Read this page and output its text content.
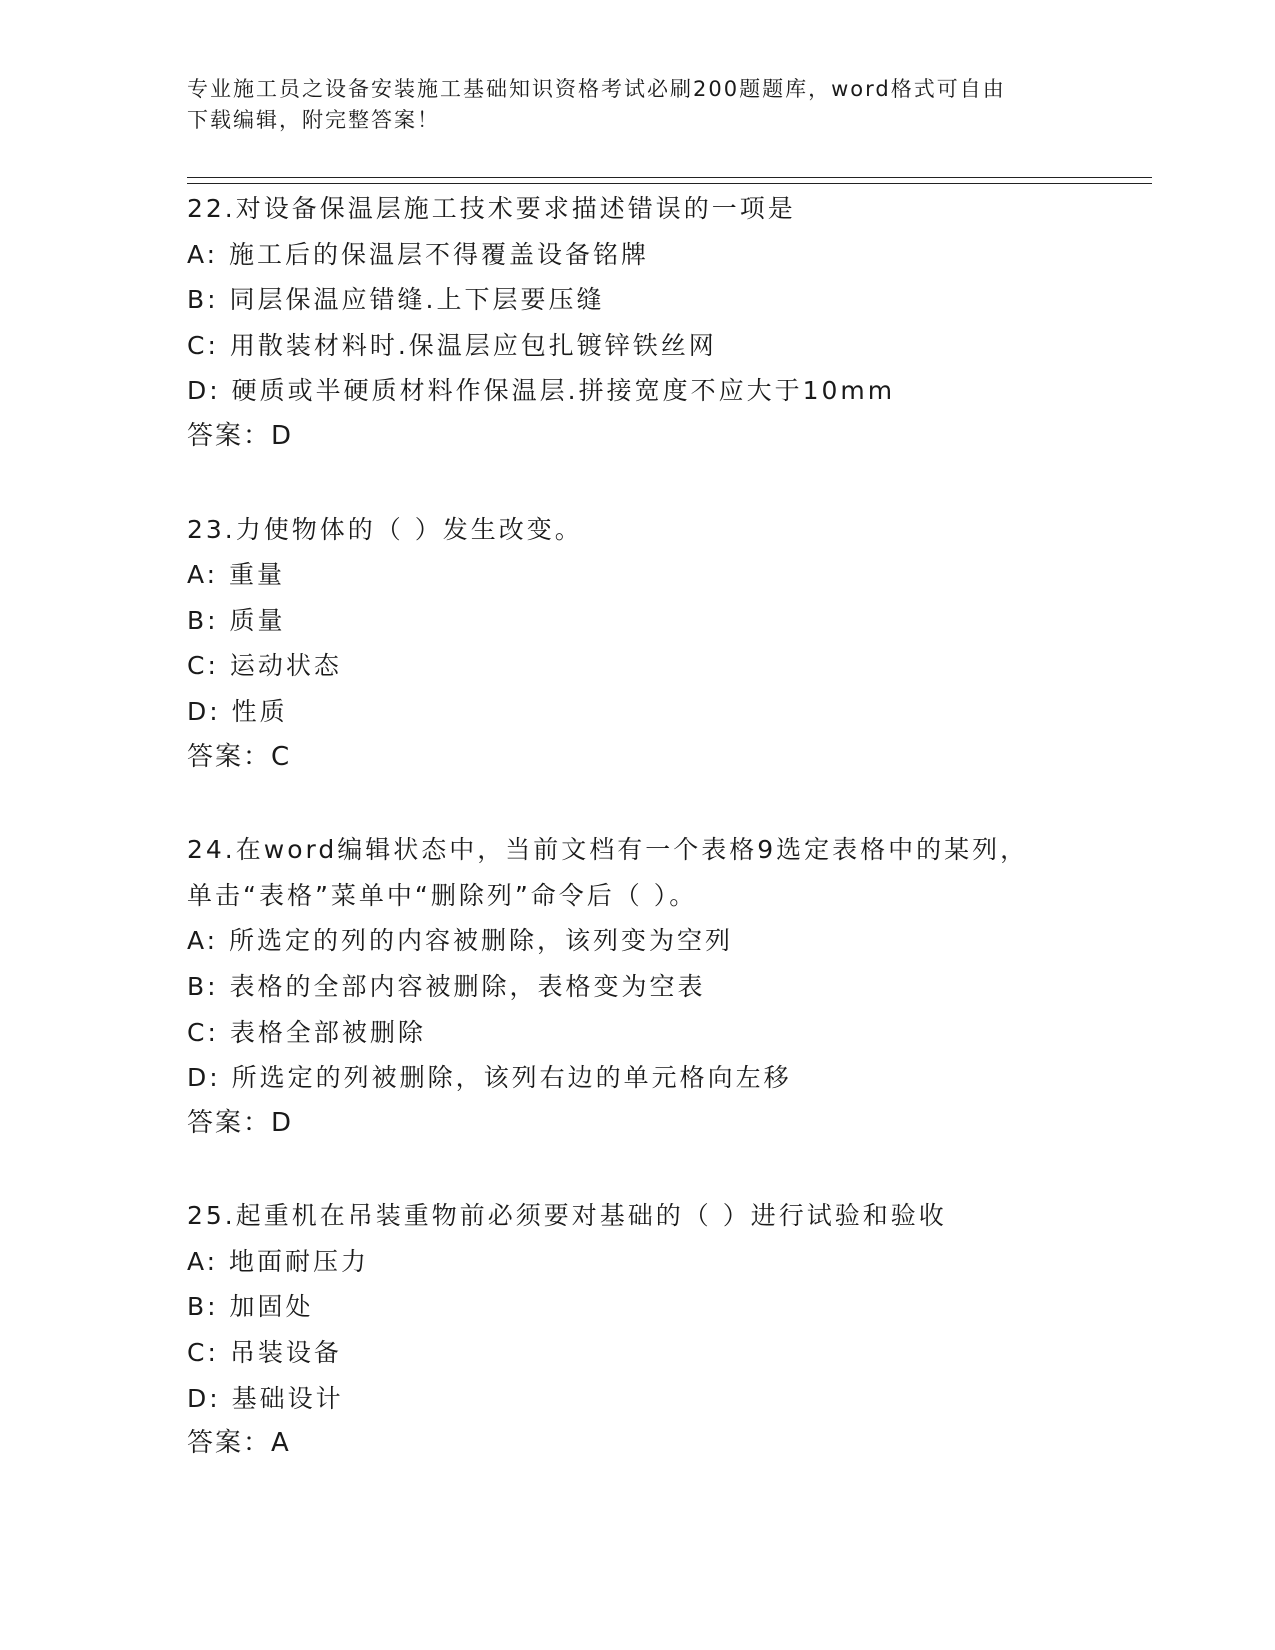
专业施工员之设备安装施工基础知识资格考试必刷200题题库，word格式可自由
下载编辑，附完整答案！
22.对设备保温层施工技术要求描述错误的一项是
A: 施工后的保温层不得覆盖设备铭牌
B: 同层保温应错缝.上下层要压缝
C: 用散装材料时.保温层应包扎镀锌铁丝网
D: 硬质或半硬质材料作保温层.拼接宽度不应大于10mm
答案：D
23.力使物体的（ ）发生改变。
A: 重量
B: 质量
C: 运动状态
D: 性质
答案：C
24.在word编辑状态中，当前文档有一个表格9选定表格中的某列，
单击“表格”菜单中“删除列”命令后（ ）。
A: 所选定的列的内容被删除，该列变为空列
B: 表格的全部内容被删除，表格变为空表
C: 表格全部被删除
D: 所选定的列被删除，该列右边的单元格向左移
答案：D
25.起重机在吊装重物前必须要对基础的（ ）进行试验和验收
A: 地面耐压力
B: 加固处
C: 吊装设备
D: 基础设计
答案：A
